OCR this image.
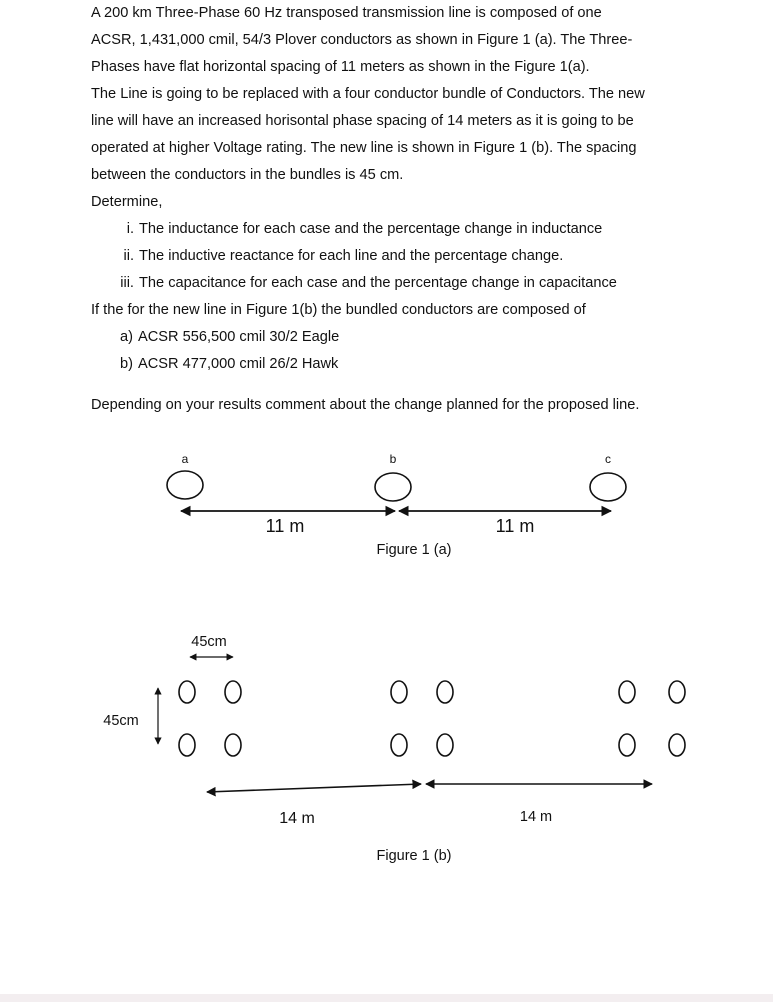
A 200 km Three-Phase 60 Hz transposed transmission line is composed of one
ACSR, 1,431,000 cmil, 54/3 Plover conductors as shown in Figure 1 (a). The Three-
Phases have flat horizontal spacing of 11 meters as shown in the Figure 1(a).
The Line is going to be replaced with a four conductor bundle of Conductors. The new
line will have an increased horisontal phase spacing of 14 meters as it is going to be
operated at higher Voltage rating. The new line is shown in Figure 1 (b). The spacing
between the conductors in the bundles is 45 cm.

Determine,

i. The inductance for each case and the percentage change in inductance
ii. The inductive reactance for each line and the percentage change.
iii. The capacitance for each case and the percentage change in capacitance

If the for the new line in Figure 1(b) the bundled conductors are composed of

a) ACSR 556,500 cmil 30/2 Eagle
b) ACSR 477,000 cmil 26/2 Hawk

Depending on your results comment about the change planned for the proposed line.

a	b	c
11 m	11 m
Figure 1 (a)
45cm
45cm
14 m	14 m
Figure 1 (b)
